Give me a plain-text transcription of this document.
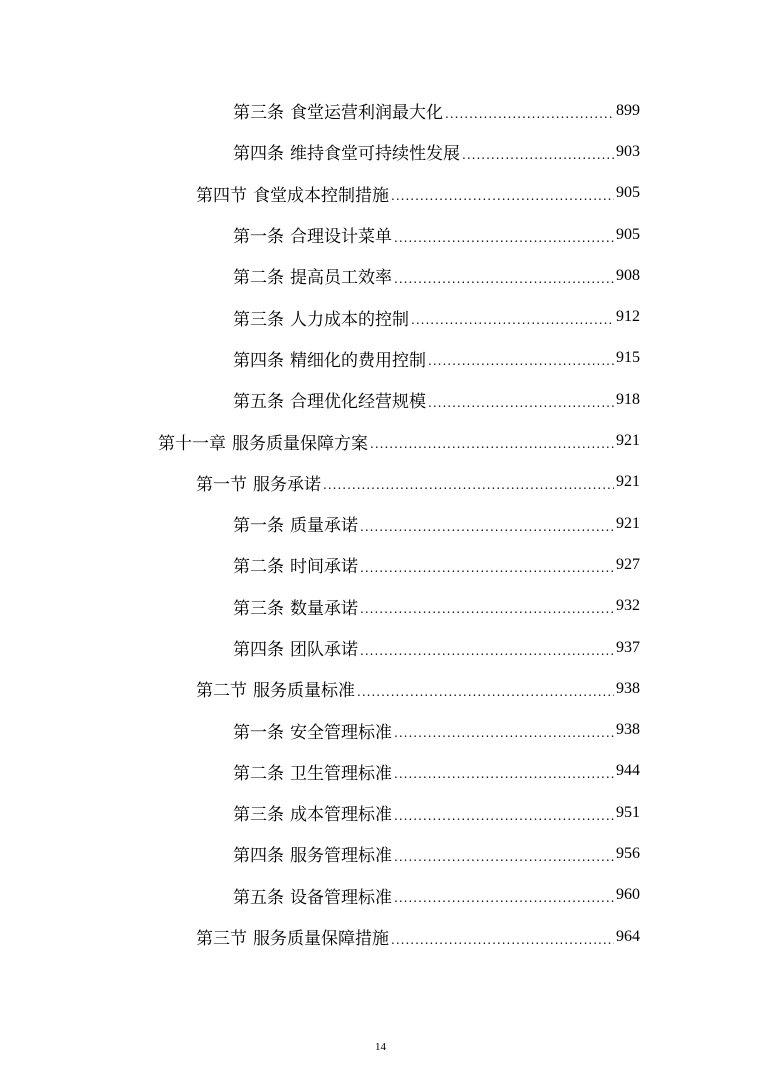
第三条 食堂运营利润最大化 .....	899
第四条 维持食堂可持续性发展 .....	903
第四节 食堂成本控制措施 .....	905
第一条 合理设计菜单 .....	905
第二条 提高员工效率 .....	908
第三条 人力成本的控制 .....	912
第四条 精细化的费用控制 .....	915
第五条 合理优化经营规模 .....	918
第十一章 服务质量保障方案 .....	921
第一节 服务承诺 .....	921
第一条 质量承诺 .....	921
第二条 时间承诺 .....	927
第三条 数量承诺 .....	932
第四条 团队承诺 .....	937
第二节 服务质量标准 .....	938
第一条 安全管理标准 .....	938
第二条 卫生管理标准 .....	944
第三条 成本管理标准 .....	951
第四条 服务管理标准 .....	956
第五条 设备管理标准 .....	960
第三节 服务质量保障措施 .....	964
14
